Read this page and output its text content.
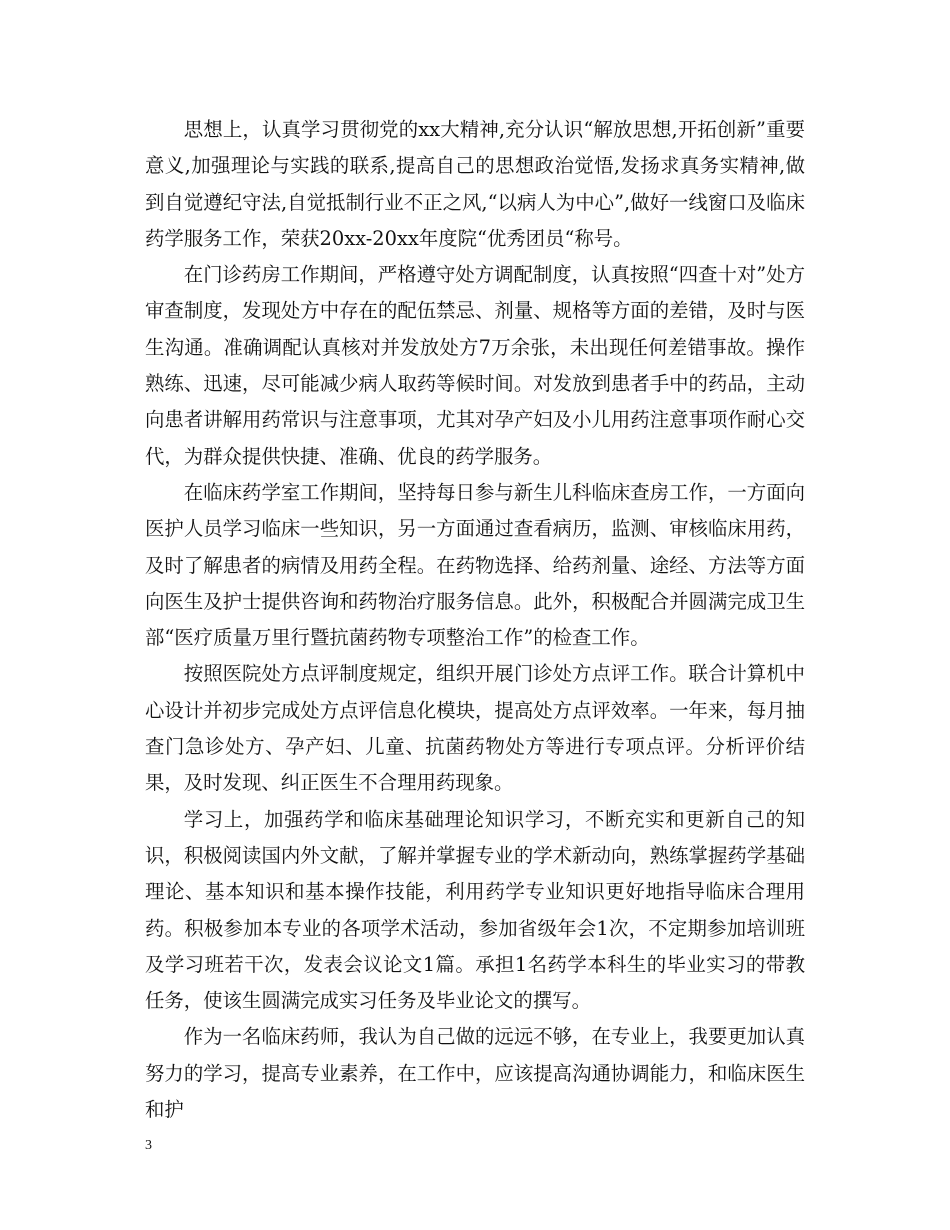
思想上，认真学习贯彻党的xx大精神,充分认识“解放思想,开拓创新”重要意义,加强理论与实践的联系,提高自己的思想政治觉悟,发扬求真务实精神,做到自觉遵纪守法,自觉抵制行业不正之风,“以病人为中心”,做好一线窗口及临床药学服务工作，荣获20xx-20xx年度院“优秀团员“称号。

在门诊药房工作期间，严格遵守处方调配制度，认真按照“四查十对”处方审查制度，发现处方中存在的配伍禁忌、剂量、规格等方面的差错，及时与医生沟通。准确调配认真核对并发放处方7万余张，未出现任何差错事故。操作熟练、迅速，尽可能减少病人取药等候时间。对发放到患者手中的药品，主动向患者讲解用药常识与注意事项，尤其对孕产妇及小儿用药注意事项作耐心交代，为群众提供快捷、准确、优良的药学服务。

在临床药学室工作期间，坚持每日参与新生儿科临床查房工作，一方面向医护人员学习临床一些知识，另一方面通过查看病历，监测、审核临床用药，及时了解患者的病情及用药全程。在药物选择、给药剂量、途经、方法等方面向医生及护士提供咨询和药物治疗服务信息。此外，积极配合并圆满完成卫生部“医疗质量万里行暨抗菌药物专项整治工作”的检查工作。

按照医院处方点评制度规定，组织开展门诊处方点评工作。联合计算机中心设计并初步完成处方点评信息化模块，提高处方点评效率。一年来，每月抽查门急诊处方、孕产妇、儿童、抗菌药物处方等进行专项点评。分析评价结果，及时发现、纠正医生不合理用药现象。

学习上，加强药学和临床基础理论知识学习，不断充实和更新自己的知识，积极阅读国内外文献，了解并掌握专业的学术新动向，熟练掌握药学基础理论、基本知识和基本操作技能，利用药学专业知识更好地指导临床合理用药。积极参加本专业的各项学术活动，参加省级年会1次，不定期参加培训班及学习班若干次，发表会议论文1篇。承担1名药学本科生的毕业实习的带教任务，使该生圆满完成实习任务及毕业论文的撰写。

作为一名临床药师，我认为自己做的远远不够，在专业上，我要更加认真努力的学习，提高专业素养，在工作中，应该提高沟通协调能力，和临床医生和护

3
